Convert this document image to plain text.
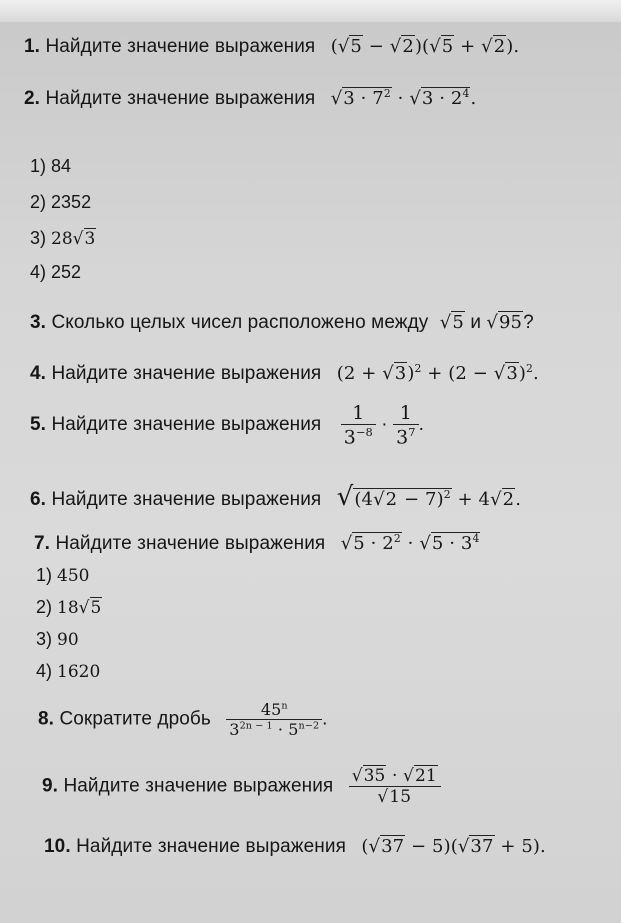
1. Найдите значение выражения (√5 − √2)(√5 + √2).
2. Найдите значение выражения $√3 \cdot 7^2 \cdot √3 \cdot 2^4$.
1) 84
2) 2352
3) 28√3
4) 252
3. Сколько целых чисел расположено между √5 и √95?
4. Найдите значение выражения $(2 + √3)^2 + (2 - √3)^2$.
5. Найдите значение выражения $\frac{1}{3^{-8}} \cdot \frac{1}{3^7}$ .
6. Найдите значение выражения $√(4√2 - 7)^2 + 4√2$.
7. Найдите значение выражения $√5 \cdot 2^2 \cdot √5 \cdot 3^4$
1) 450
2) 18√5
3) 90
4) 1620
8. Сократите дробь $\frac{45^n}{3^{2n - 1} \cdot 5^{n-2}}$ .
9. Найдите значение выражения $\frac{√35 \cdot √21}{√15}$
10. Найдите значение выражения (√37 − 5)(√37 + 5).
